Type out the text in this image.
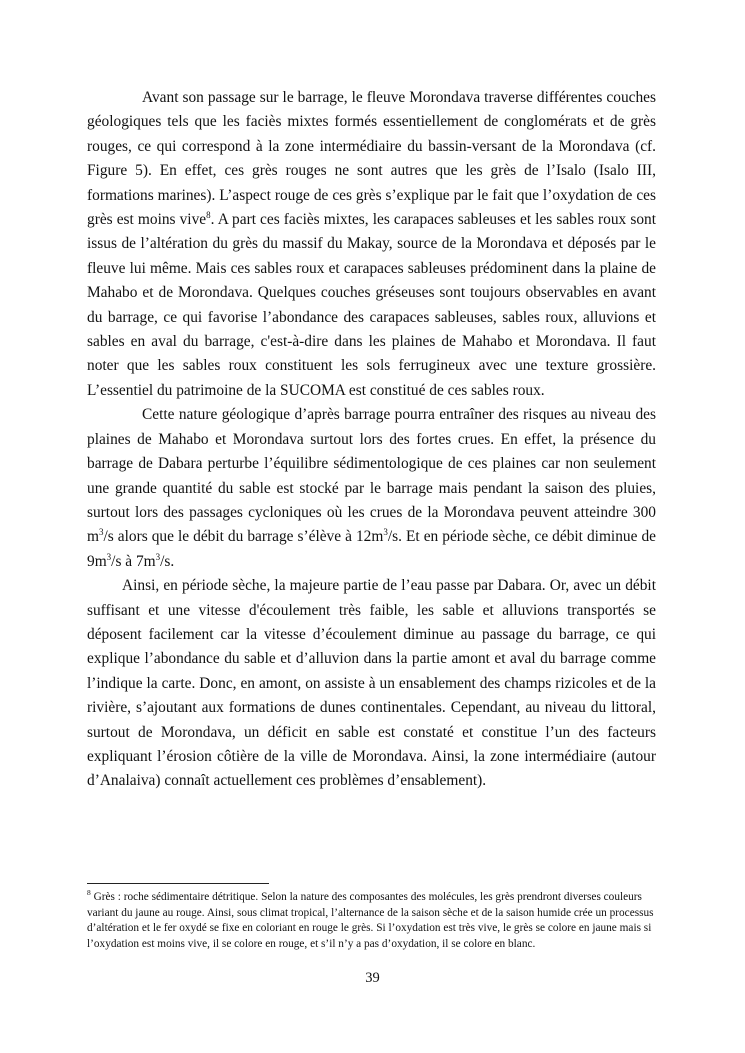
Avant son passage sur le barrage, le fleuve Morondava traverse différentes couches géologiques tels que les faciès mixtes formés essentiellement de conglomérats et de grès rouges, ce qui correspond à la zone intermédiaire du bassin-versant de la Morondava (cf. Figure 5). En effet, ces grès rouges ne sont autres que les grès de l’Isalo (Isalo III, formations marines). L’aspect rouge de ces grès s’explique par le fait que l’oxydation de ces grès est moins vive$^8$. A part ces faciès mixtes, les carapaces sableuses et les sables roux sont issus de l’altération du grès du massif du Makay, source de la Morondava et déposés par le fleuve lui même. Mais ces sables roux et carapaces sableuses prédominent dans la plaine de Mahabo et de Morondava. Quelques couches gréseuses sont toujours observables en avant du barrage, ce qui favorise l’abondance des carapaces sableuses, sables roux, alluvions et sables en aval du barrage, c'est-à-dire dans les plaines de Mahabo et Morondava. Il faut noter que les sables roux constituent les sols ferrugineux avec une texture grossière. L’essentiel du patrimoine de la SUCOMA est constitué de ces sables roux.

Cette nature géologique d’après barrage pourra entraîner des risques au niveau des plaines de Mahabo et Morondava surtout lors des fortes crues. En effet, la présence du barrage de Dabara perturbe l’équilibre sédimentologique de ces plaines car non seulement une grande quantité du sable est stocké par le barrage mais pendant la saison des pluies, surtout lors des passages cycloniques où les crues de la Morondava peuvent atteindre 300 $m^3/s$ alors que le débit du barrage s’élève à $12m^3/s$. Et en période sèche, ce débit diminue de $9m^3/s$ à $7m^3/s$.

Ainsi, en période sèche, la majeure partie de l’eau passe par Dabara. Or, avec un débit suffisant et une vitesse d'écoulement très faible, les sable et alluvions transportés se déposent facilement car la vitesse d’écoulement diminue au passage du barrage, ce qui explique l’abondance du sable et d’alluvion dans la partie amont et aval du barrage comme l’indique la carte. Donc, en amont, on assiste à un ensablement des champs rizicoles et de la rivière, s’ajoutant aux formations de dunes continentales. Cependant, au niveau du littoral, surtout de Morondava, un déficit en sable est constaté et constitue l’un des facteurs expliquant l’érosion côtière de la ville de Morondava. Ainsi, la zone intermédiaire (autour d’Analaiva) connaît actuellement ces problèmes d’ensablement).

$^8$ Grès : roche sédimentaire détritique. Selon la nature des composantes des molécules, les grès prendront diverses couleurs variant du jaune au rouge. Ainsi, sous climat tropical, l’alternance de la saison sèche et de la saison humide crée un processus d’altération et le fer oxydé se fixe en coloriant en rouge le grès. Si l’oxydation est très vive, le grès se colore en jaune mais si l’oxydation est moins vive, il se colore en rouge, et s’il n’y a pas d’oxydation, il se colore en blanc.

39
